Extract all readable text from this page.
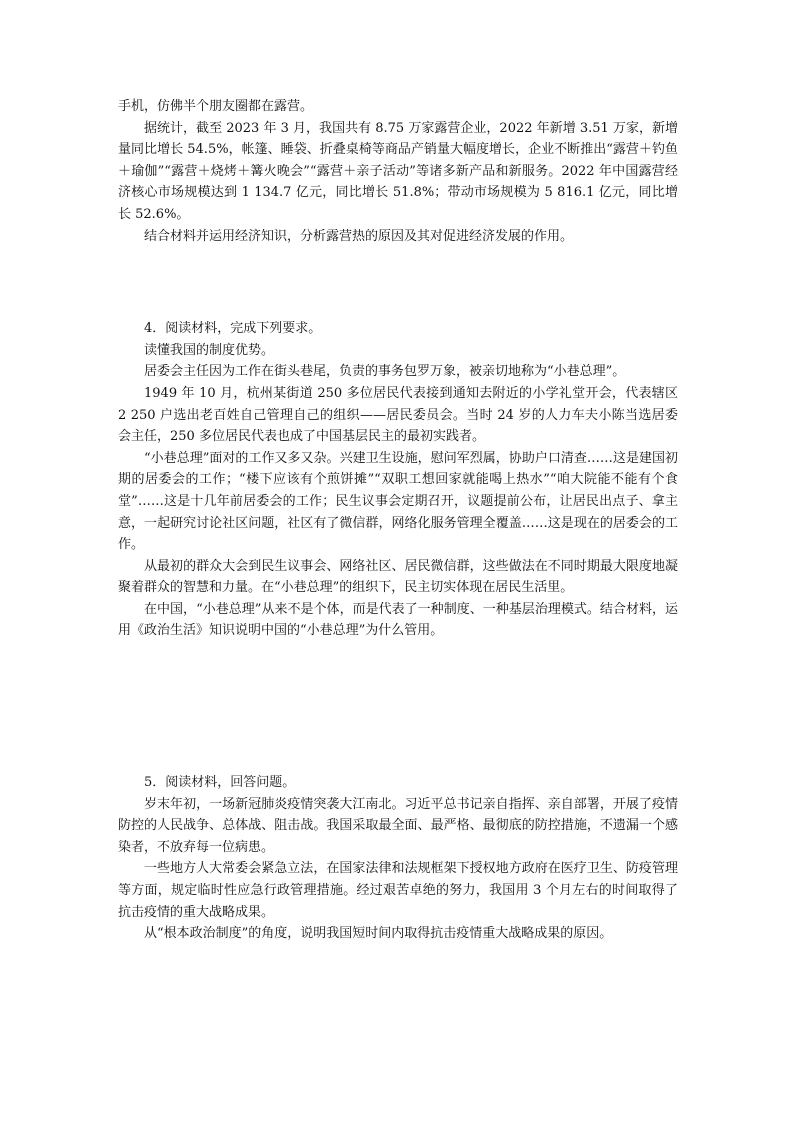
手机，仿佛半个朋友圈都在露营。

据统计，截至 2023 年 3 月，我国共有 8.75 万家露营企业，2022 年新增 3.51 万家，新增量同比增长 54.5%，帐篷、睡袋、折叠桌椅等商品产销量大幅度增长，企业不断推出“露营＋钓鱼＋瑜伽”“露营＋烧烤＋篝火晚会”“露营＋亲子活动”等诸多新产品和新服务。2022 年中国露营经济核心市场规模达到 1 134.7 亿元，同比增长 51.8%；带动市场规模为 5 816.1 亿元，同比增长 52.6%。

结合材料并运用经济知识，分析露营热的原因及其对促进经济发展的作用。

4．阅读材料，完成下列要求。

读懂我国的制度优势。

居委会主任因为工作在街头巷尾，负责的事务包罗万象，被亲切地称为“小巷总理”。

1949 年 10 月，杭州某街道 250 多位居民代表接到通知去附近的小学礼堂开会，代表辖区 2 250 户选出老百姓自己管理自己的组织——居民委员会。当时 24 岁的人力车夫小陈当选居委会主任，250 多位居民代表也成了中国基层民主的最初实践者。

“小巷总理”面对的工作又多又杂。兴建卫生设施，慰问军烈属，协助户口清查……这是建国初期的居委会的工作；“楼下应该有个煎饼摊”“双职工想回家就能喝上热水”“咱大院能不能有个食堂”……这是十几年前居委会的工作；民生议事会定期召开，议题提前公布，让居民出点子、拿主意，一起研究讨论社区问题，社区有了微信群，网络化服务管理全覆盖……这是现在的居委会的工作。

从最初的群众大会到民生议事会、网络社区、居民微信群，这些做法在不同时期最大限度地凝聚着群众的智慧和力量。在“小巷总理”的组织下，民主切实体现在居民生活里。

在中国，“小巷总理”从来不是个体，而是代表了一种制度、一种基层治理模式。结合材料，运用《政治生活》知识说明中国的“小巷总理”为什么管用。

5．阅读材料，回答问题。

岁末年初，一场新冠肺炎疫情突袭大江南北。习近平总书记亲自指挥、亲自部署，开展了疫情防控的人民战争、总体战、阻击战。我国采取最全面、最严格、最彻底的防控措施，不遗漏一个感染者，不放弃每一位病患。

一些地方人大常委会紧急立法，在国家法律和法规框架下授权地方政府在医疗卫生、防疫管理等方面，规定临时性应急行政管理措施。经过艰苦卓绝的努力，我国用 3 个月左右的时间取得了抗击疫情的重大战略成果。

从“根本政治制度”的角度，说明我国短时间内取得抗击疫情重大战略成果的原因。
